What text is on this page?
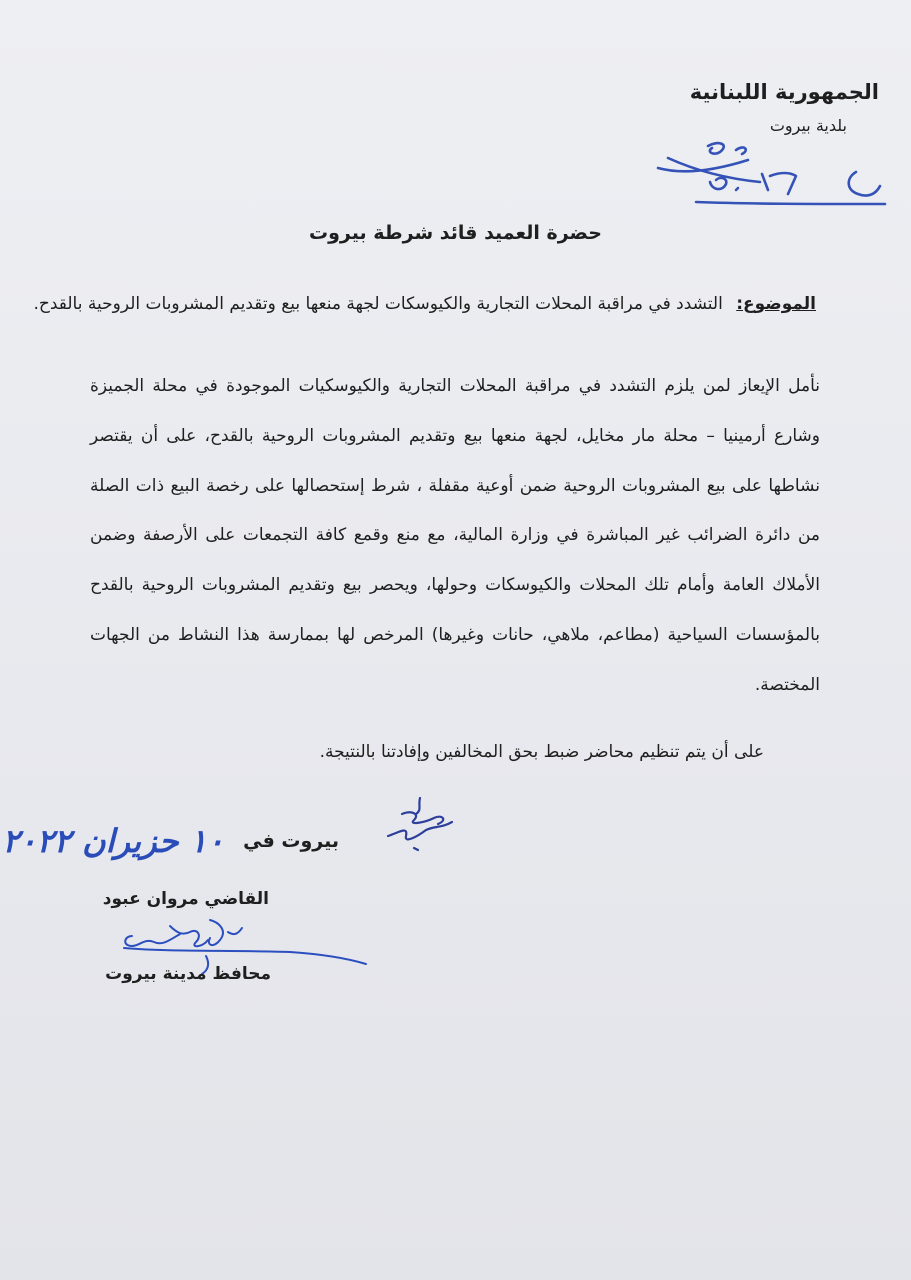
الجمهورية اللبنانية
بلدية بيروت
حضرة العميد قائد شرطة بيروت
الموضوع: التشدد في مراقبة المحلات التجارية والكيوسكات لجهة منعها بيع وتقديم المشروبات الروحية بالقدح.

نأمل الإيعاز لمن يلزم التشدد في مراقبة المحلات التجارية والكيوسكيات الموجودة في محلة الجميزة وشارع أرمينيا – محلة مار مخايل، لجهة منعها بيع وتقديم المشروبات الروحية بالقدح، على أن يقتصر نشاطها على بيع المشروبات الروحية ضمن أوعية مقفلة ، شرط إستحصالها على رخصة البيع ذات الصلة من دائرة الضرائب غير المباشرة في وزارة المالية، مع منع وقمع كافة التجمعات على الأرصفة وضمن الأملاك العامة وأمام تلك المحلات والكيوسكات وحولها، ويحصر بيع وتقديم المشروبات الروحية بالقدح بالمؤسسات السياحية (مطاعم، ملاهي، حانات وغيرها) المرخص لها بممارسة هذا النشاط من الجهات المختصة.

على أن يتم تنظيم محاضر ضبط بحق المخالفين وإفادتنا بالنتيجة.
بيروت في ١٠ حزيران ٢٠٢٢
القاضي مروان عبود
محافظ مدينة بيروت
